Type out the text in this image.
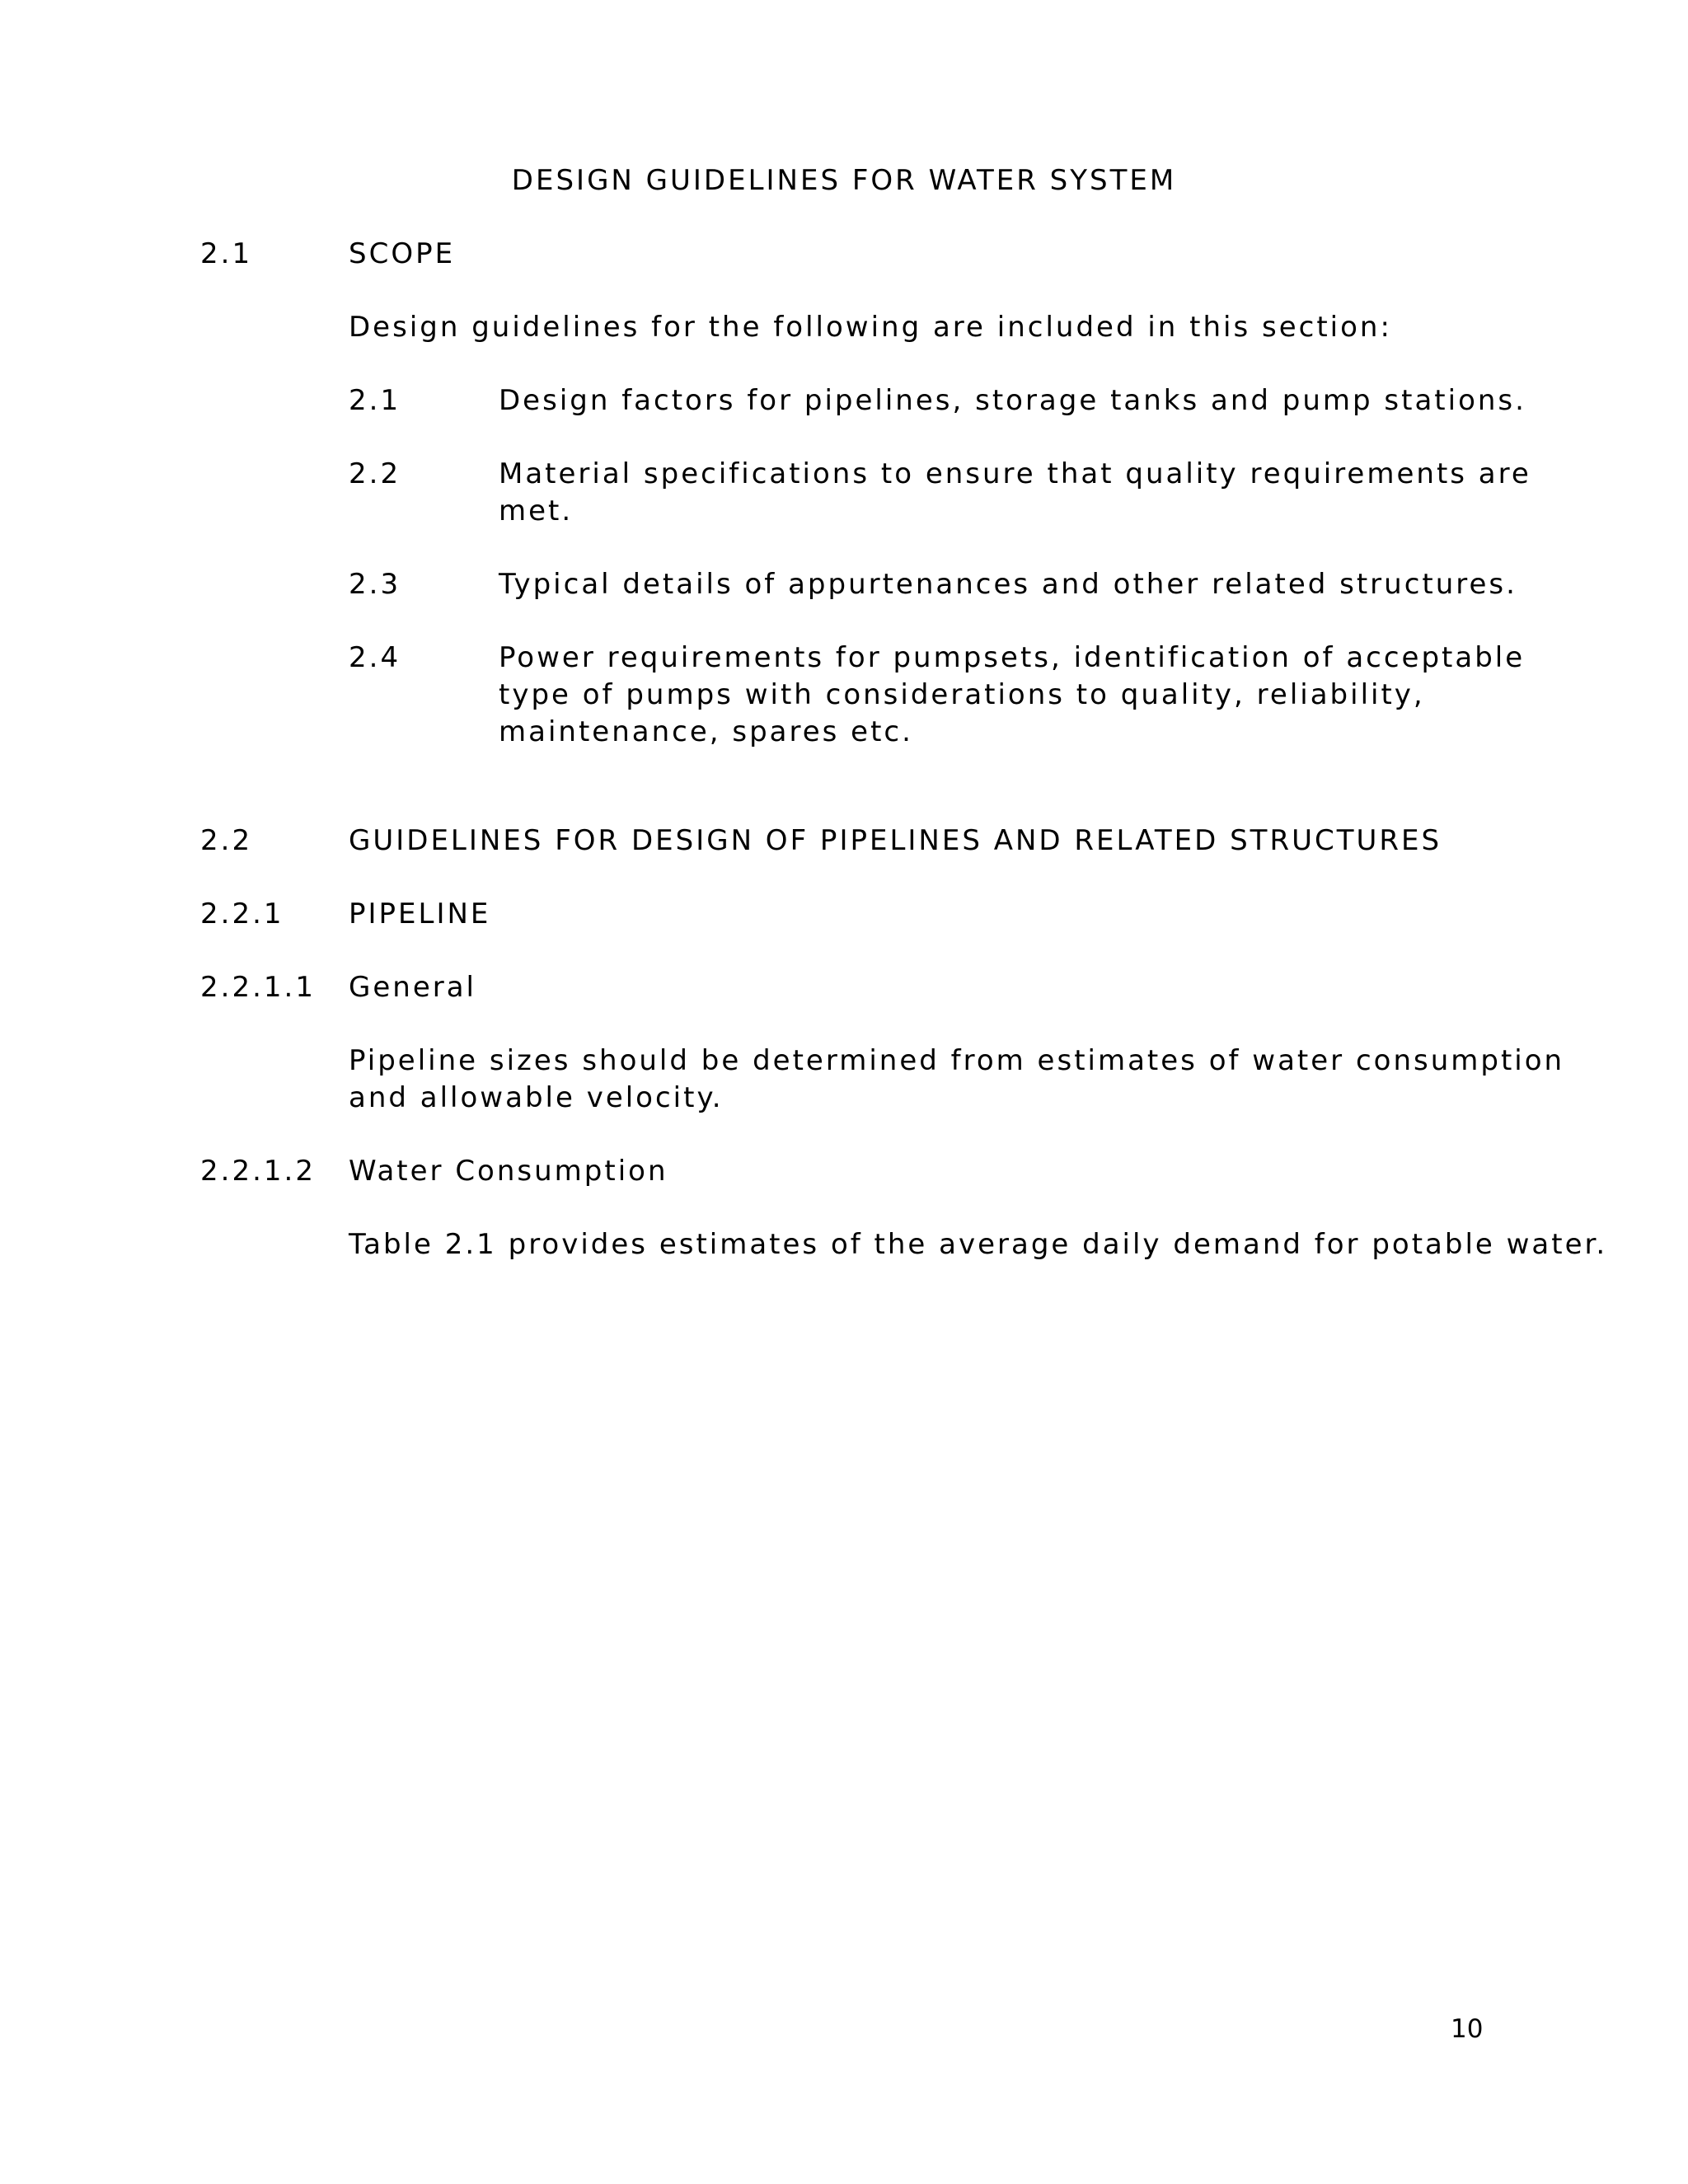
DESIGN GUIDELINES FOR WATER SYSTEM
2.1	SCOPE
Design guidelines for the following are included in this section:
2.1	Design factors for pipelines, storage tanks and pump stations.
2.2	Material specifications to ensure that quality requirements are
met.
2.3	Typical details of appurtenances and other related structures.
2.4	Power requirements for pumpsets, identification of acceptable
type of pumps with considerations to quality, reliability,
maintenance, spares etc.
2.2	GUIDELINES FOR DESIGN OF PIPELINES AND RELATED STRUCTURES
2.2.1 PIPELINE
2.2.1.1 General
Pipeline sizes should be determined from estimates of water consumption
and allowable velocity.
2.2.1.2 Water Consumption
Table 2.1 provides estimates of the average daily demand for potable water.
10
